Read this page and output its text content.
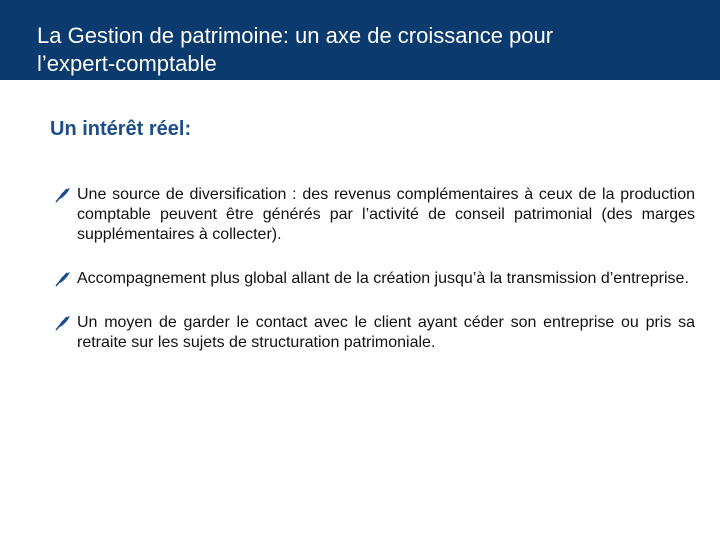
La Gestion de patrimoine: un axe de croissance pour
l’expert-comptable
Un intérêt réel:
Une source de diversification : des revenus complémentaires à ceux de la production comptable peuvent être générés par l’activité de conseil patrimonial (des marges supplémentaires à collecter).
Accompagnement plus global allant de la création jusqu’à la transmission d’entreprise.
Un moyen de garder le contact avec le client ayant céder son entreprise ou pris sa retraite sur les sujets de structuration patrimoniale.
